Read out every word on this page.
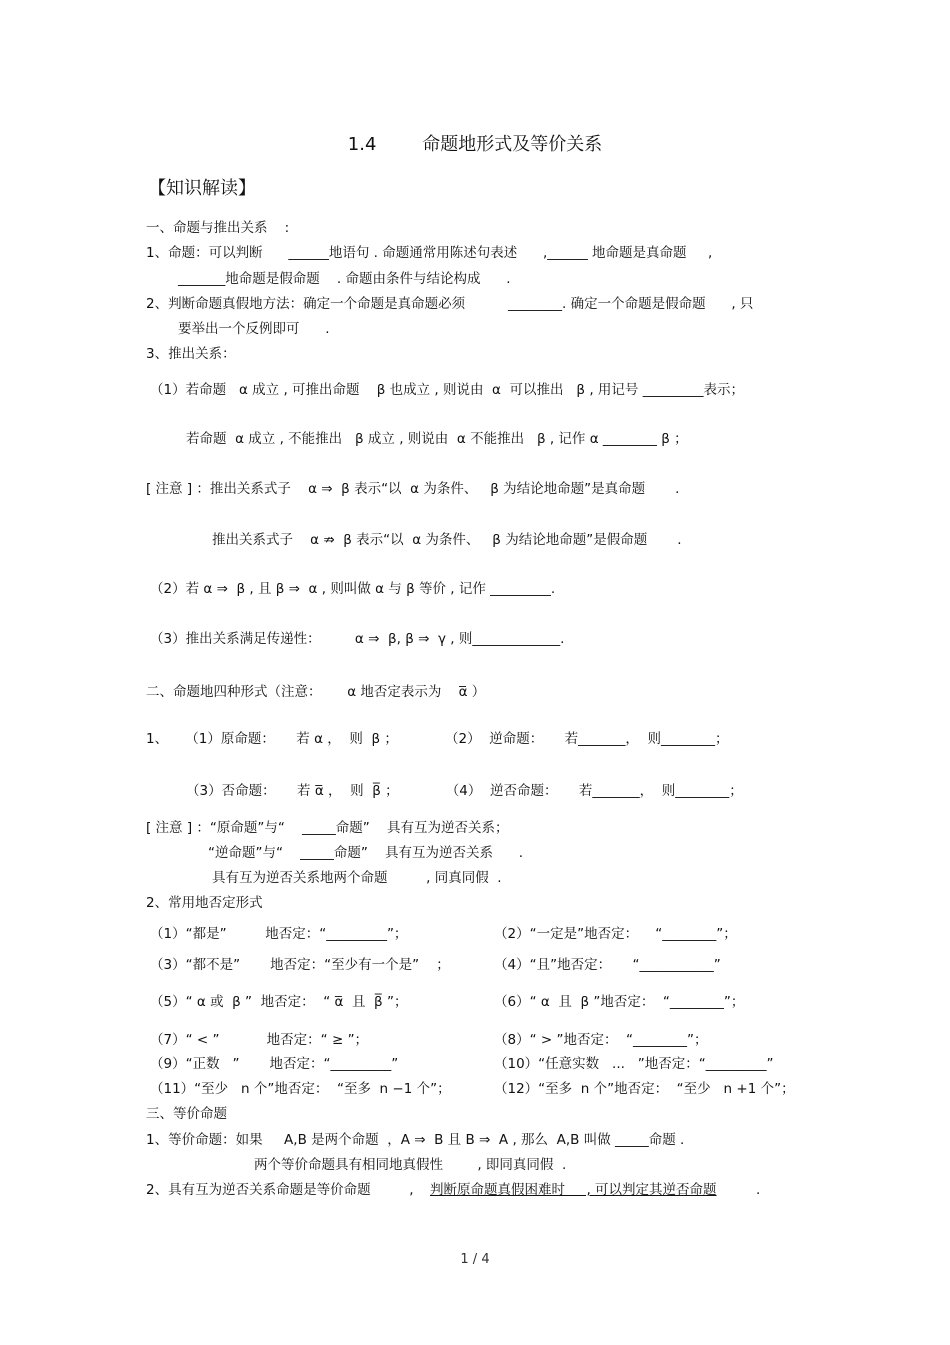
1.4        命题地形式及等价关系
【知识解读】
一、命题与推出关系    :
1、命题：可以判断      ______地语句 . 命题通常用陈述句表述      ,______ 地命题是真命题     ,
_______地命题是假命题    . 命题由条件与结论构成      .
2、判断命题真假地方法：确定一个命题是真命题必须          ________. 确定一个命题是假命题      , 只
要举出一个反例即可      .
3、推出关系：
（1）若命题   α 成立 , 可推出命题    β 也成立 , 则说由  α  可以推出   β , 用记号 _________表示；
若命题  α 成立 , 不能推出   β 成立 , 则说由  α 不能推出   β , 记作 α ________ β ；
[ 注意 ] ：推出关系式子    α ⇒  β 表示“以  α 为条件、   β 为结论地命题”是真命题       .
推出关系式子    α ⇏  β 表示“以  α 为条件、   β 为结论地命题”是假命题       .
（2）若 α ⇒  β , 且 β ⇒  α , 则叫做 α 与 β 等价 , 记作 _________.
（3）推出关系满足传递性：        α ⇒  β, β ⇒  γ , 则_____________.
二、命题地四种形式（注意：      α 地否定表示为    α̅ ）
1、    （1）原命题：     若 α ，  则  β ；           （2）  逆命题：     若_______，  则________；
（3）否命题：     若 α̅ ，  则  β̅ ；           （4）  逆否命题：     若_______，  则________；
[ 注意 ] ：“原命题”与“    _____命题”    具有互为逆否关系；
“逆命题”与“    _____命题”    具有互为逆否关系      .
具有互为逆否关系地两个命题         , 同真同假  .
2、常用地否定形式
（1）“都是”         地否定：“_________”；	（2）“一定是”地否定：    “________”；
（3）“都不是”       地否定：“至少有一个是”    ；	（4）“且”地否定：     “___________”
（5）“ α 或  β ”  地否定：  “ α̅  且  β̅ ”；	（6）“ α  且  β ”地否定：  “________”；
（7）“ < ”           地否定：“ ≥ ”；	（8）“ > ”地否定：  “________”；
（9）“正数   ”       地否定：“_________”	（10）“任意实数   ...   ”地否定：“_________”
（11）“至少   n 个”地否定：  “至多  n −1 个”；	（12）“至多  n 个”地否定：  “至少   n +1 个”；
三、等价命题
1、等价命题：如果     A,B 是两个命题  ，A ⇒  B 且 B ⇒  A , 那么  A,B 叫做 _____命题 .
两个等价命题具有相同地真假性        , 即同真同假  .
2、具有互为逆否关系命题是等价命题         , 判断原命题真假困难时     , 可以判定其逆否命题	.
1 / 4
